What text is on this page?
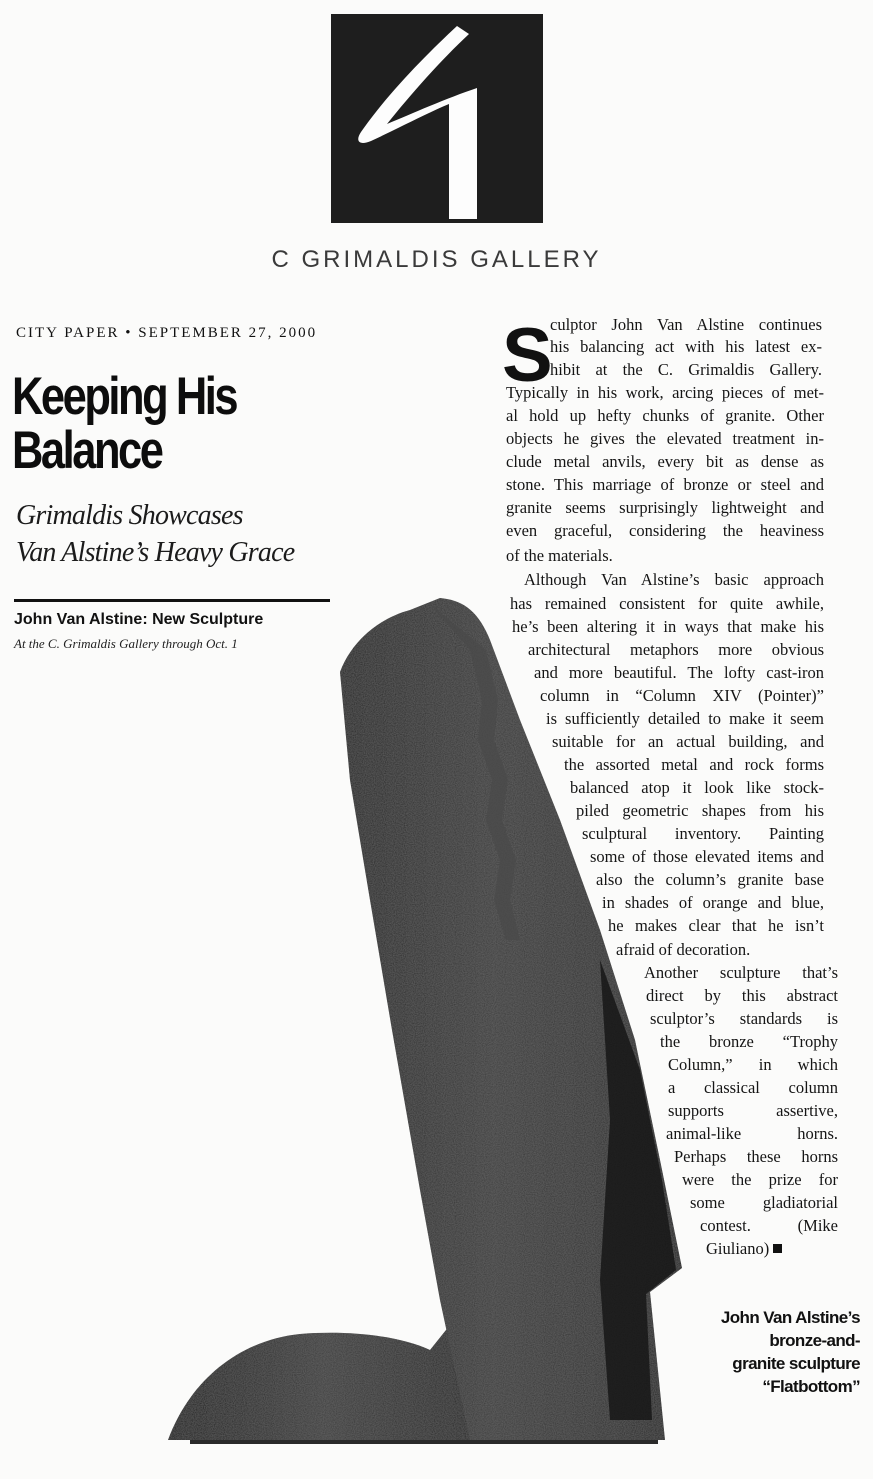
C GRIMALDIS GALLERY
CITY PAPER • SEPTEMBER 27, 2000
Keeping His
Balance
Grimaldis Showcases
Van Alstine’s Heavy Grace
John Van Alstine: New Sculpture
At the C. Grimaldis Gallery through Oct. 1
S
culptor John Van Alstine continues
his balancing act with his latest ex-
hibit at the C. Grimaldis Gallery.
Typically in his work, arcing pieces of met-
al hold up hefty chunks of granite. Other
objects he gives the elevated treatment in-
clude metal anvils, every bit as dense as
stone. This marriage of bronze or steel and
granite seems surprisingly lightweight and
even graceful, considering the heaviness
of the materials.
Although Van Alstine’s basic approach
has remained consistent for quite awhile,
he’s been altering it in ways that make his
architectural metaphors more obvious
and more beautiful. The lofty cast-iron
column in “Column XIV (Pointer)”
is sufficiently detailed to make it seem
suitable for an actual building, and
the assorted metal and rock forms
balanced atop it look like stock-
piled geometric shapes from his
sculptural inventory. Painting
some of those elevated items and
also the column’s granite base
in shades of orange and blue,
he makes clear that he isn’t
afraid of decoration.
Another sculpture that’s
direct by this abstract
sculptor’s standards is
the bronze “Trophy
Column,” in which
a classical column
supports assertive,
animal-like horns.
Perhaps these horns
were the prize for
some gladiatorial
contest. (Mike
Giuliano)
John Van Alstine’s
bronze-and-
granite sculpture
“Flatbottom”
